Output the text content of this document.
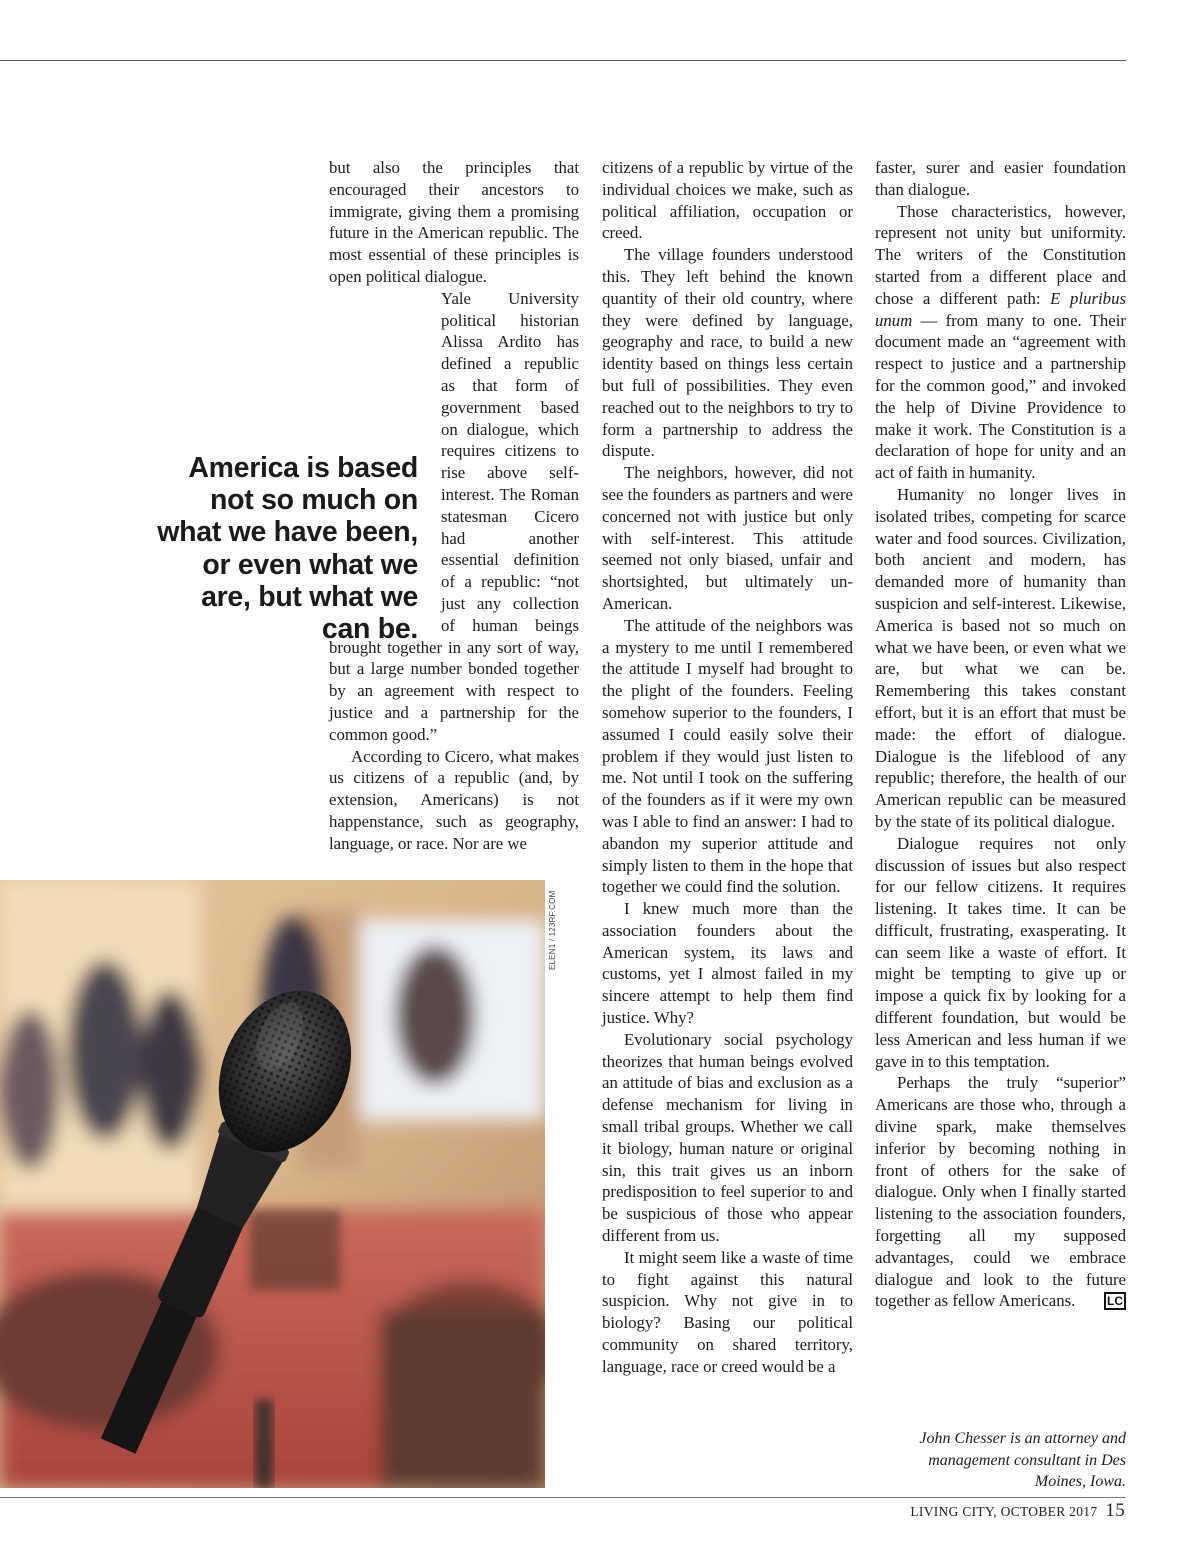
but also the principles that encouraged their ancestors to immigrate, giving them a promising future in the American republic. The most essential of these principles is open political dialogue.

Yale University political historian Alissa Ardito has defined a republic as that form of government based on dialogue, which requires citizens to rise above self-interest. The Roman statesman Cicero had another essential definition of a republic: “not just any collection of human beings brought together in any sort of way, but a large number bonded together by an agreement with respect to justice and a partnership for the common good.”

According to Cicero, what makes us citizens of a republic (and, by extension, Americans) is not happenstance, such as geography, language, or race. Nor are we

America is based not so much on what we have been, or even what we are, but what we can be.

citizens of a republic by virtue of the individual choices we make, such as political affiliation, occupation or creed.

The village founders understood this. They left behind the known quantity of their old country, where they were defined by language, geography and race, to build a new identity based on things less certain but full of possibilities. They even reached out to the neighbors to try to form a partnership to address the dispute.

The neighbors, however, did not see the founders as partners and were concerned not with justice but only with self-interest. This attitude seemed not only biased, unfair and shortsighted, but ultimately un-American.

The attitude of the neighbors was a mystery to me until I remembered the attitude I myself had brought to the plight of the founders. Feeling somehow superior to the founders, I assumed I could easily solve their problem if they would just listen to me. Not until I took on the suffering of the founders as if it were my own was I able to find an answer: I had to abandon my superior attitude and simply listen to them in the hope that together we could find the solution.

I knew much more than the association founders about the American system, its laws and customs, yet I almost failed in my sincere attempt to help them find justice. Why?

Evolutionary social psychology theorizes that human beings evolved an attitude of bias and exclusion as a defense mechanism for living in small tribal groups. Whether we call it biology, human nature or original sin, this trait gives us an inborn predisposition to feel superior to and be suspicious of those who appear different from us.

It might seem like a waste of time to fight against this natural suspicion. Why not give in to biology? Basing our political community on shared territory, language, race or creed would be a

faster, surer and easier foundation than dialogue.

Those characteristics, however, represent not unity but uniformity. The writers of the Constitution started from a different place and chose a different path: E pluribus unum — from many to one. Their document made an “agreement with respect to justice and a partnership for the common good,” and invoked the help of Divine Providence to make it work. The Constitution is a declaration of hope for unity and an act of faith in humanity.

Humanity no longer lives in isolated tribes, competing for scarce water and food sources. Civilization, both ancient and modern, has demanded more of humanity than suspicion and self-interest. Likewise, America is based not so much on what we have been, or even what we are, but what we can be. Remembering this takes constant effort, but it is an effort that must be made: the effort of dialogue. Dialogue is the lifeblood of any republic; therefore, the health of our American republic can be measured by the state of its political dialogue.

Dialogue requires not only discussion of issues but also respect for our fellow citizens. It requires listening. It takes time. It can be difficult, frustrating, exasperating. It can seem like a waste of effort. It might be tempting to give up or impose a quick fix by looking for a different foundation, but would be less American and less human if we gave in to this temptation.

Perhaps the truly “superior” Americans are those who, through a divine spark, make themselves inferior by becoming nothing in front of others for the sake of dialogue. Only when I finally started listening to the association founders, forgetting all my supposed advantages, could we embrace dialogue and look to the future together as fellow Americans.	LC

John Chesser is an attorney and management consultant in Des Moines, Iowa.
ELEN1 / 123RF.COM
LIVING CITY, OCTOBER 2017 15
